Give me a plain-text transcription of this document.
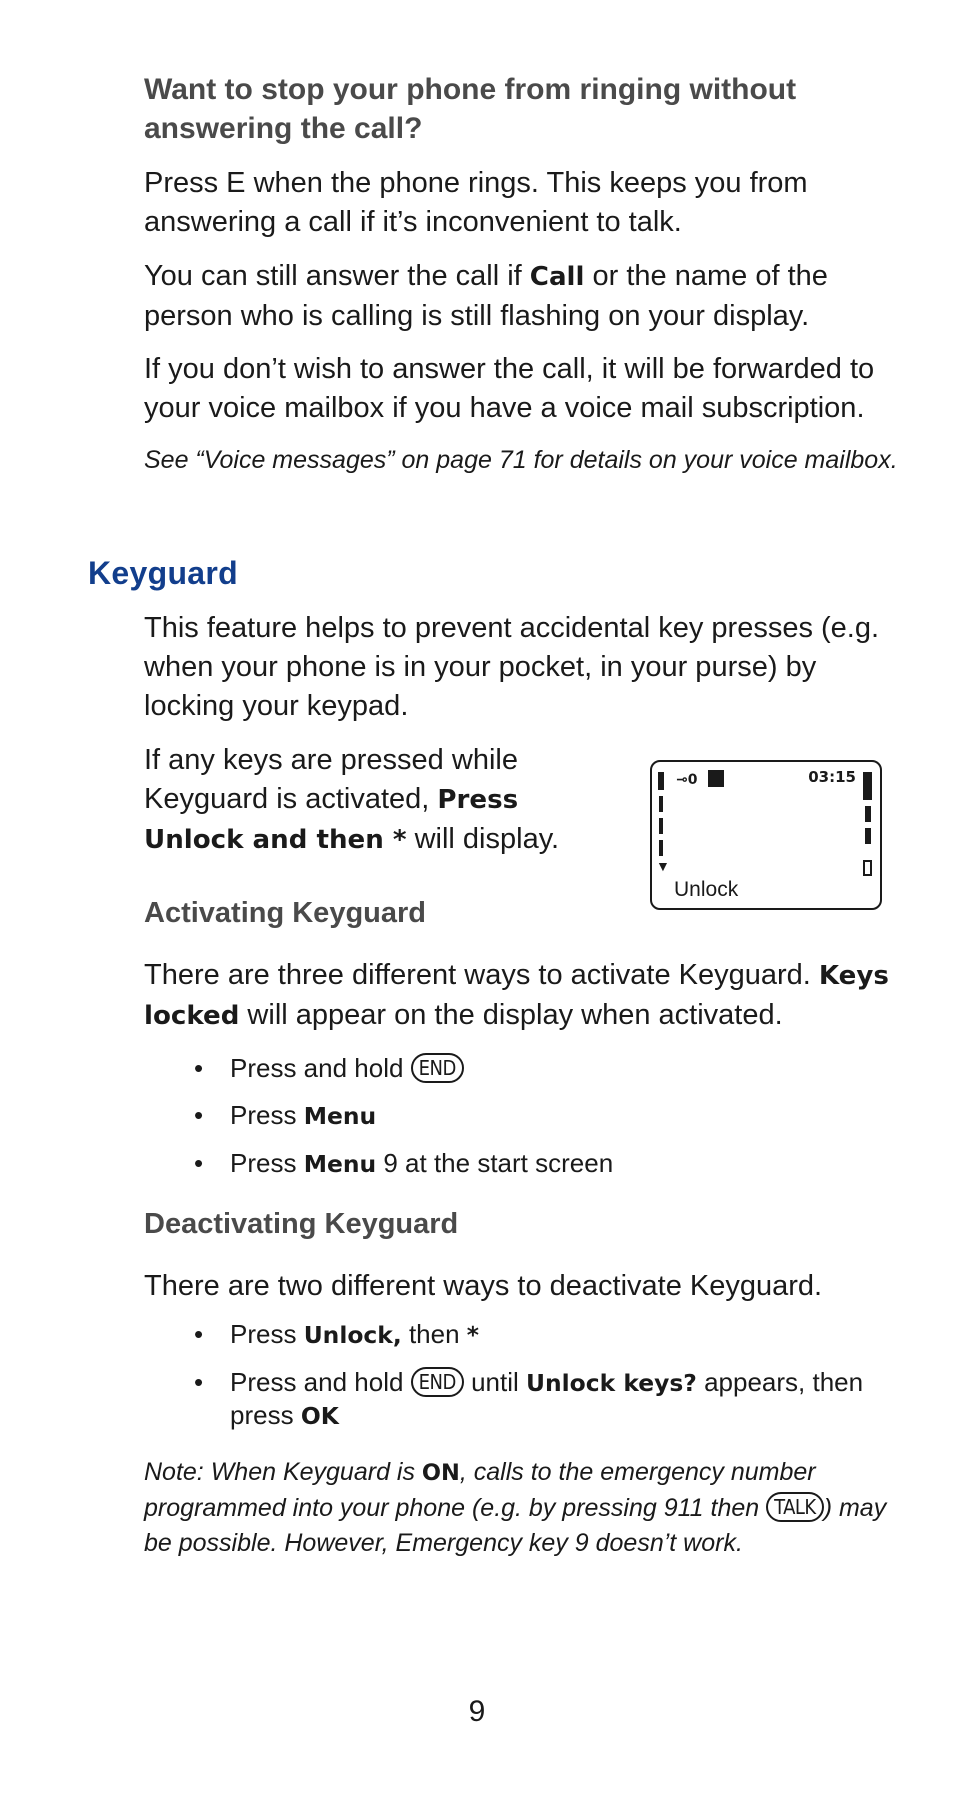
Want to stop your phone from ringing without answering the call?

Press E when the phone rings. This keeps you from answering a call if it’s inconvenient to talk.

You can still answer the call if Call or the name of the person who is calling is still flashing on your display.

If you don’t wish to answer the call, it will be forwarded to your voice mailbox if you have a voice mail subscription.

See “Voice messages” on page 71 for details on your voice mailbox.

Keyguard

This feature helps to prevent accidental key presses (e.g. when your phone is in your pocket, in your purse) by locking your keypad.

If any keys are pressed while Keyguard is activated, Press Unlock and then * will display.

▼
⊸0	03:15
Unlock
Activating Keyguard

There are three different ways to activate Keyguard. Keys locked will appear on the display when activated.

• Press and hold END
• Press Menu
• Press Menu 9 at the start screen
Deactivating Keyguard

There are two different ways to deactivate Keyguard.

• Press Unlock, then *
• Press and hold END until Unlock keys? appears, then press OK

Note: When Keyguard is ON, calls to the emergency number programmed into your phone (e.g. by pressing 911 then TALK ) may be possible. However, Emergency key 9 doesn’t work.

9
